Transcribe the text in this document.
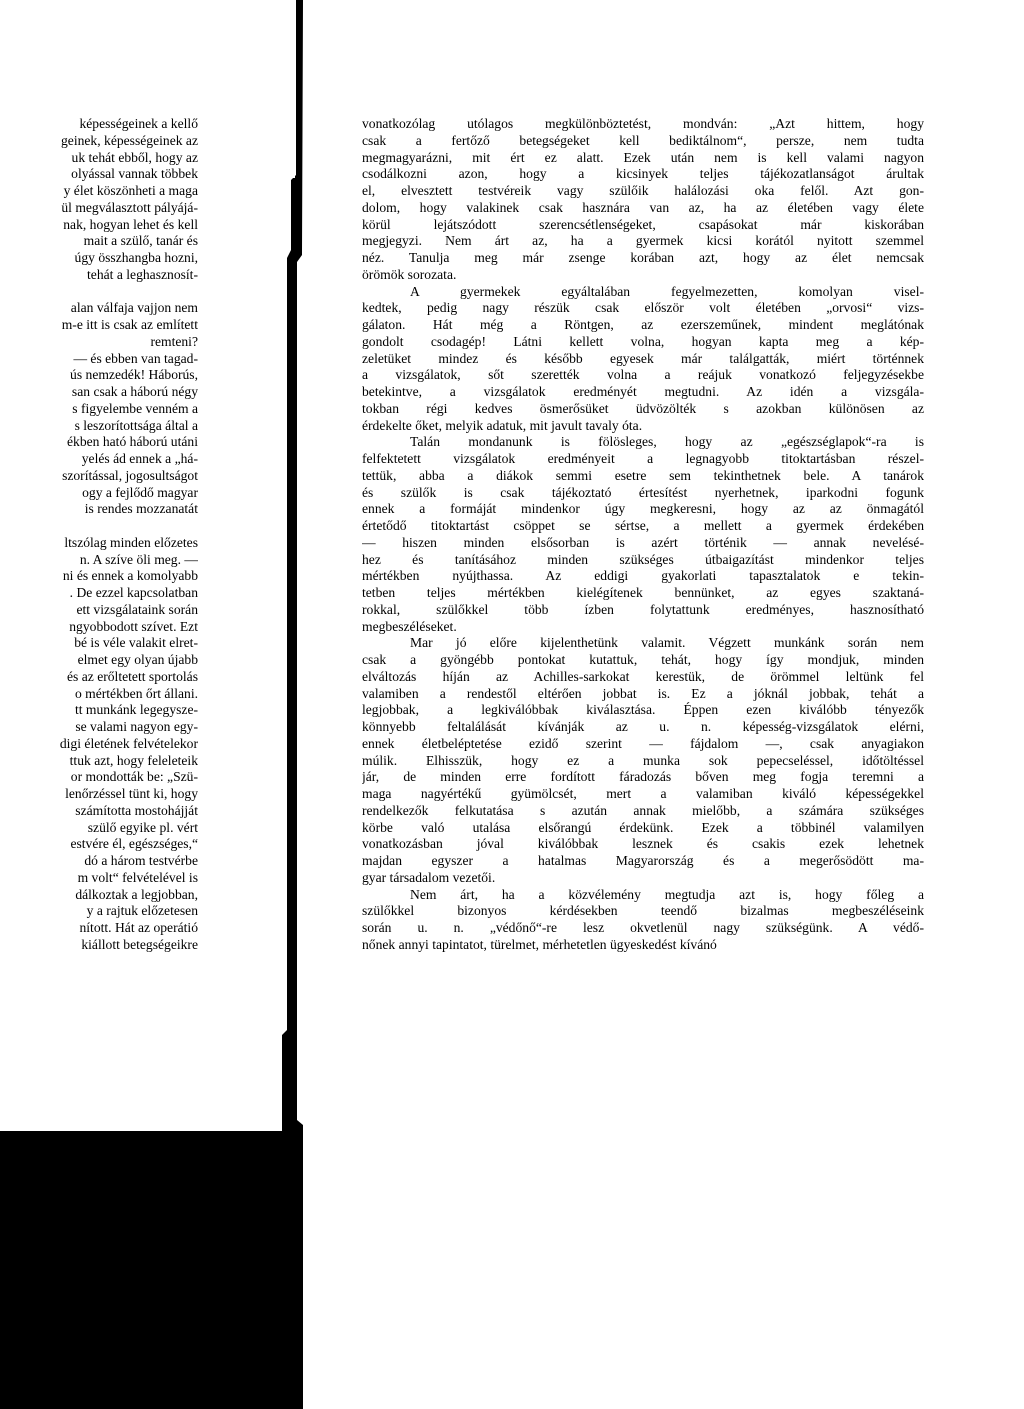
képességeinek a kellő
geinek, képességeinek az
uk tehát ebből, hogy az
olyással vannak többek
y élet köszönheti a maga
ül megválasztott pályájá-
nak, hogyan lehet és kell
mait a szülő, tanár és
úgy összhangba hozni,
tehát a leghasznosít-
alan válfaja vajjon nem
m-e itt is csak az említett
remteni?
— és ebben van tagad-
ús nemzedék! Háborús,
san csak a háború négy
s figyelembe venném a
s leszorítottsága által a
ékben ható háború utáni
yelés ád ennek a „há-
szorítással, jogosultságot
ogy a fejlődő magyar
is rendes mozzanatát
ltszólag minden előzetes
n. A szíve öli meg. —
ni és ennek a komolyabb
. De ezzel kapcsolatban
ett vizsgálataink során
ngyobbodott szívet. Ezt
bé is véle valakit elret-
elmet egy olyan újabb
és az erőltetett sportolás
o mértékben őrt állani.
tt munkánk legegysze-
se valami nagyon egy-
digi életének felvételekor
ttuk azt, hogy feleleteik
or mondották be: „Szü-
lenőrzéssel tünt ki, hogy
számította mostohájját
szülő egyike pl. vért
estvére él, egészséges,“
dó a három testvérbe
m volt“ felvételével is
dálkoztak a legjobban,
y a rajtuk előzetesen
nított. Hát az operátió
kiállott betegségeikre
vonatkozólag utólagos megkülönböztetést, mondván: „Azt hittem, hogy
csak a fertőző betegségeket kell bediktálnom“, persze, nem tudta
megmagyarázni, mit ért ez alatt. Ezek után nem is kell valami nagyon
csodálkozni azon, hogy a kicsinyek teljes tájékozatlanságot árultak
el, elvesztett testvéreik vagy szülőik halálozási oka felől. Azt gon-
dolom, hogy valakinek csak hasznára van az, ha az életében vagy élete
körül lejátszódott szerencsétlenségeket, csapásokat már kiskorában
megjegyzi. Nem árt az, ha a gyermek kicsi korától nyitott szemmel
néz. Tanulja meg már zsenge korában azt, hogy az élet nemcsak
örömök sorozata.
A gyermekek egyáltalában fegyelmezetten, komolyan visel-
kedtek, pedig nagy részük csak először volt életében „orvosi“ vizs-
gálaton. Hát még a Röntgen, az ezerszeműnek, mindent meglátónak
gondolt csodagép! Látni kellett volna, hogyan kapta meg a kép-
zeletüket mindez és később egyesek már találgatták, miért történnek
a vizsgálatok, sőt szerették volna a reájuk vonatkozó feljegyzésekbe
betekintve, a vizsgálatok eredményét megtudni. Az idén a vizsgála-
tokban régi kedves ösmerősüket üdvözölték s azokban különösen az
érdekelte őket, melyik adatuk, mit javult tavaly óta.
Talán mondanunk is fölösleges, hogy az „egészséglapok“-ra is
felfektetett vizsgálatok eredményeit a legnagyobb titoktartásban részel-
tettük, abba a diákok semmi esetre sem tekinthetnek bele. A tanárok
és szülők is csak tájékoztató értesítést nyerhetnek, iparkodni fogunk
ennek a formáját mindenkor úgy megkeresni, hogy az az önmagától
értetődő titoktartást csöppet se sértse, a mellett a gyermek érdekében
— hiszen minden elsősorban is azért történik — annak nevelésé-
hez és tanításához minden szükséges útbaigazítást mindenkor teljes
mértékben nyújthassa. Az eddigi gyakorlati tapasztalatok e tekin-
tetben teljes mértékben kielégítenek bennünket, az egyes szaktaná-
rokkal, szülőkkel több ízben folytattunk eredményes, hasznosítható
megbeszéléseket.
Mar jó előre kijelenthetünk valamit. Végzett munkánk során nem
csak a gyöngébb pontokat kutattuk, tehát, hogy így mondjuk, minden
elváltozás híján az Achilles-sarkokat kerestük, de örömmel leltünk fel
valamiben a rendestől eltérően jobbat is. Ez a jóknál jobbak, tehát a
legjobbak, a legkiválóbbak kiválasztása. Éppen ezen kiválóbb tényezők
könnyebb feltalálását kívánják az u. n. képesség-vizsgálatok elérni,
ennek életbeléptetése ezidő szerint — fájdalom —, csak anyagiakon
múlik. Elhisszük, hogy ez a munka sok pepecseléssel, időtöltéssel
jár, de minden erre fordított fáradozás bőven meg fogja teremni a
maga nagyértékű gyümölcsét, mert a valamiban kiváló képességekkel
rendelkezők felkutatása s azután annak mielőbb, a számára szükséges
körbe való utalása elsőrangú érdekünk. Ezek a többinél valamilyen
vonatkozásban jóval kiválóbbak lesznek és csakis ezek lehetnek
majdan egyszer a hatalmas Magyarország és a megerősödött ma-
gyar társadalom vezetői.
Nem árt, ha a közvélemény megtudja azt is, hogy főleg a
szülőkkel bizonyos kérdésekben teendő bizalmas megbeszéléseink
során u. n. „védőnő“-re lesz okvetlenül nagy szükségünk. A védő-
nőnek annyi tapintatot, türelmet, mérhetetlen ügyeskedést kívánó
